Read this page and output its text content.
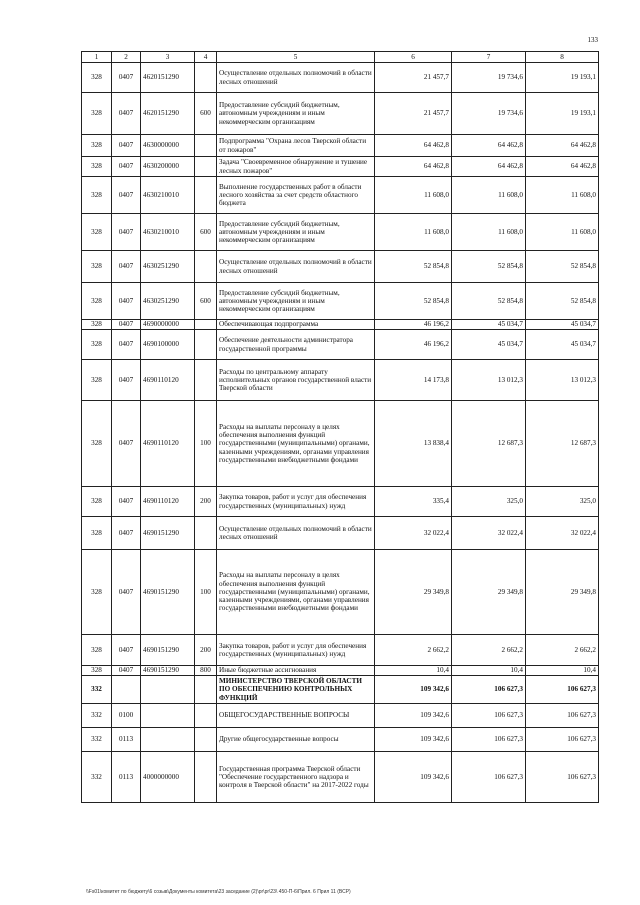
133
1	2	3	4	5	6	7	8
328	0407	4620151290		Осуществление отдельных полномочий в области лесных отношений	21 457,7	19 734,6	19 193,1
328	0407	4620151290	600	Предоставление субсидий бюджетным, автономным учреждениям и иным некоммерческим организациям	21 457,7	19 734,6	19 193,1
328	0407	4630000000		Подпрограмма "Охрана лесов Тверской области от пожаров"	64 462,8	64 462,8	64 462,8
328	0407	4630200000		Задача "Своевременное обнаружение и тушение лесных пожаров"	64 462,8	64 462,8	64 462,8
328	0407	4630210010		Выполнение государственных работ в области лесного хозяйства за счет средств областного бюджета	11 608,0	11 608,0	11 608,0
328	0407	4630210010	600	Предоставление субсидий бюджетным, автономным учреждениям и иным некоммерческим организациям	11 608,0	11 608,0	11 608,0
328	0407	4630251290		Осуществление отдельных полномочий в области лесных отношений	52 854,8	52 854,8	52 854,8
328	0407	4630251290	600	Предоставление субсидий бюджетным, автономным учреждениям и иным некоммерческим организациям	52 854,8	52 854,8	52 854,8
328	0407	4690000000		Обеспечивающая подпрограмма	46 196,2	45 034,7	45 034,7
328	0407	4690100000		Обеспечение деятельности администратора государственной программы	46 196,2	45 034,7	45 034,7
328	0407	4690110120		Расходы по центральному аппарату исполнительных органов государственной власти Тверской области	14 173,8	13 012,3	13 012,3
328	0407	4690110120	100	Расходы на выплаты персоналу в целях обеспечения выполнения функций государственными (муниципальными) органами, казенными учреждениями, органами управления государственными внебюджетными фондами	13 838,4	12 687,3	12 687,3
328	0407	4690110120	200	Закупка товаров, работ и услуг для обеспечения государственных (муниципальных) нужд	335,4	325,0	325,0
328	0407	4690151290		Осуществление отдельных полномочий в области лесных отношений	32 022,4	32 022,4	32 022,4
328	0407	4690151290	100	Расходы на выплаты персоналу в целях обеспечения выполнения функций государственными (муниципальными) органами, казенными учреждениями, органами управления государственными внебюджетными фондами	29 349,8	29 349,8	29 349,8
328	0407	4690151290	200	Закупка товаров, работ и услуг для обеспечения государственных (муниципальных) нужд	2 662,2	2 662,2	2 662,2
328	0407	4690151290	800	Иные бюджетные ассигнования	10,4	10,4	10,4
332				МИНИСТЕРСТВО ТВЕРСКОЙ ОБЛАСТИ ПО ОБЕСПЕЧЕНИЮ КОНТРОЛЬНЫХ ФУНКЦИЙ	109 342,6	106 627,3	106 627,3
332	0100			ОБЩЕГОСУДАРСТВЕННЫЕ ВОПРОСЫ	109 342,6	106 627,3	106 627,3
332	0113			Другие общегосударственные вопросы	109 342,6	106 627,3	106 627,3
332	0113	4000000000		Государственная программа Тверской области "Обеспечение государственного надзора и контроля в Тверской области" на 2017-2022 годы	109 342,6	106 627,3	106 627,3
\\Fs01\комитет по бюджету\6 созыв\Документы комитета\23 заседание (2)\pr\pr\23\ 450-П-6\Прил. 6 Прил 11 (ВСР)
